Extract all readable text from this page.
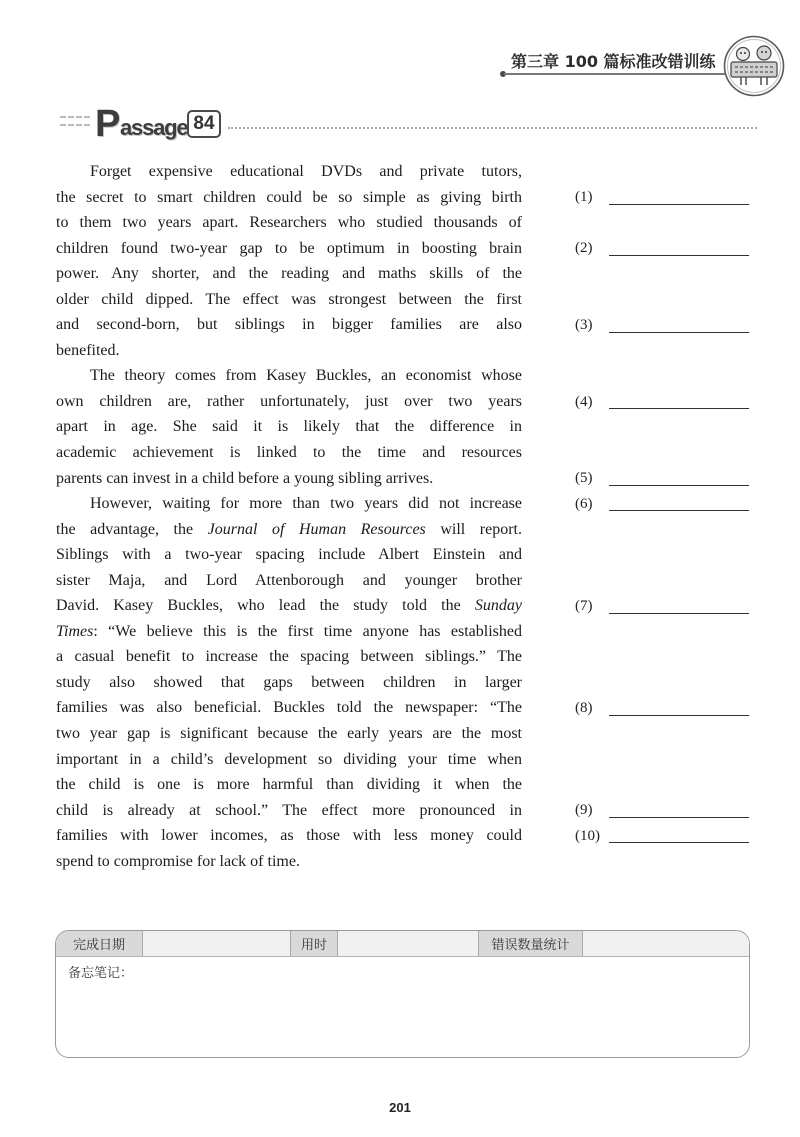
第三章 100 篇标准改错训练
P assage 84
Forget expensive educational DVDs and private tutors,
the secret to smart children could be so simple as giving birth	(1)
to them two years apart. Researchers who studied thousands of
children found two-year gap to be optimum in boosting brain	(2)
power. Any shorter, and the reading and maths skills of the
older child dipped. The effect was strongest between the first
and second-born, but siblings in bigger families are also	(3)
benefited.
The theory comes from Kasey Buckles, an economist whose
own children are, rather unfortunately, just over two years	(4)
apart in age. She said it is likely that the difference in
academic achievement is linked to the time and resources
parents can invest in a child before a young sibling arrives.	(5)
However, waiting for more than two years did not increase	(6)
the advantage, the Journal of Human Resources will report.
Siblings with a two-year spacing include Albert Einstein and
sister Maja, and Lord Attenborough and younger brother
David. Kasey Buckles, who lead the study told the Sunday	(7)
Times: “We believe this is the first time anyone has established
a casual benefit to increase the spacing between siblings.” The
study also showed that gaps between children in larger
families was also beneficial. Buckles told the newspaper: “The	(8)
two year gap is significant because the early years are the most
important in a child’s development so dividing your time when
the child is one is more harmful than dividing it when the
child is already at school.” The effect more pronounced in	(9)
families with lower incomes, as those with less money could	(10)
spend to compromise for lack of time.
完成日期	用时	错误数量统计
备忘笔记：
201
